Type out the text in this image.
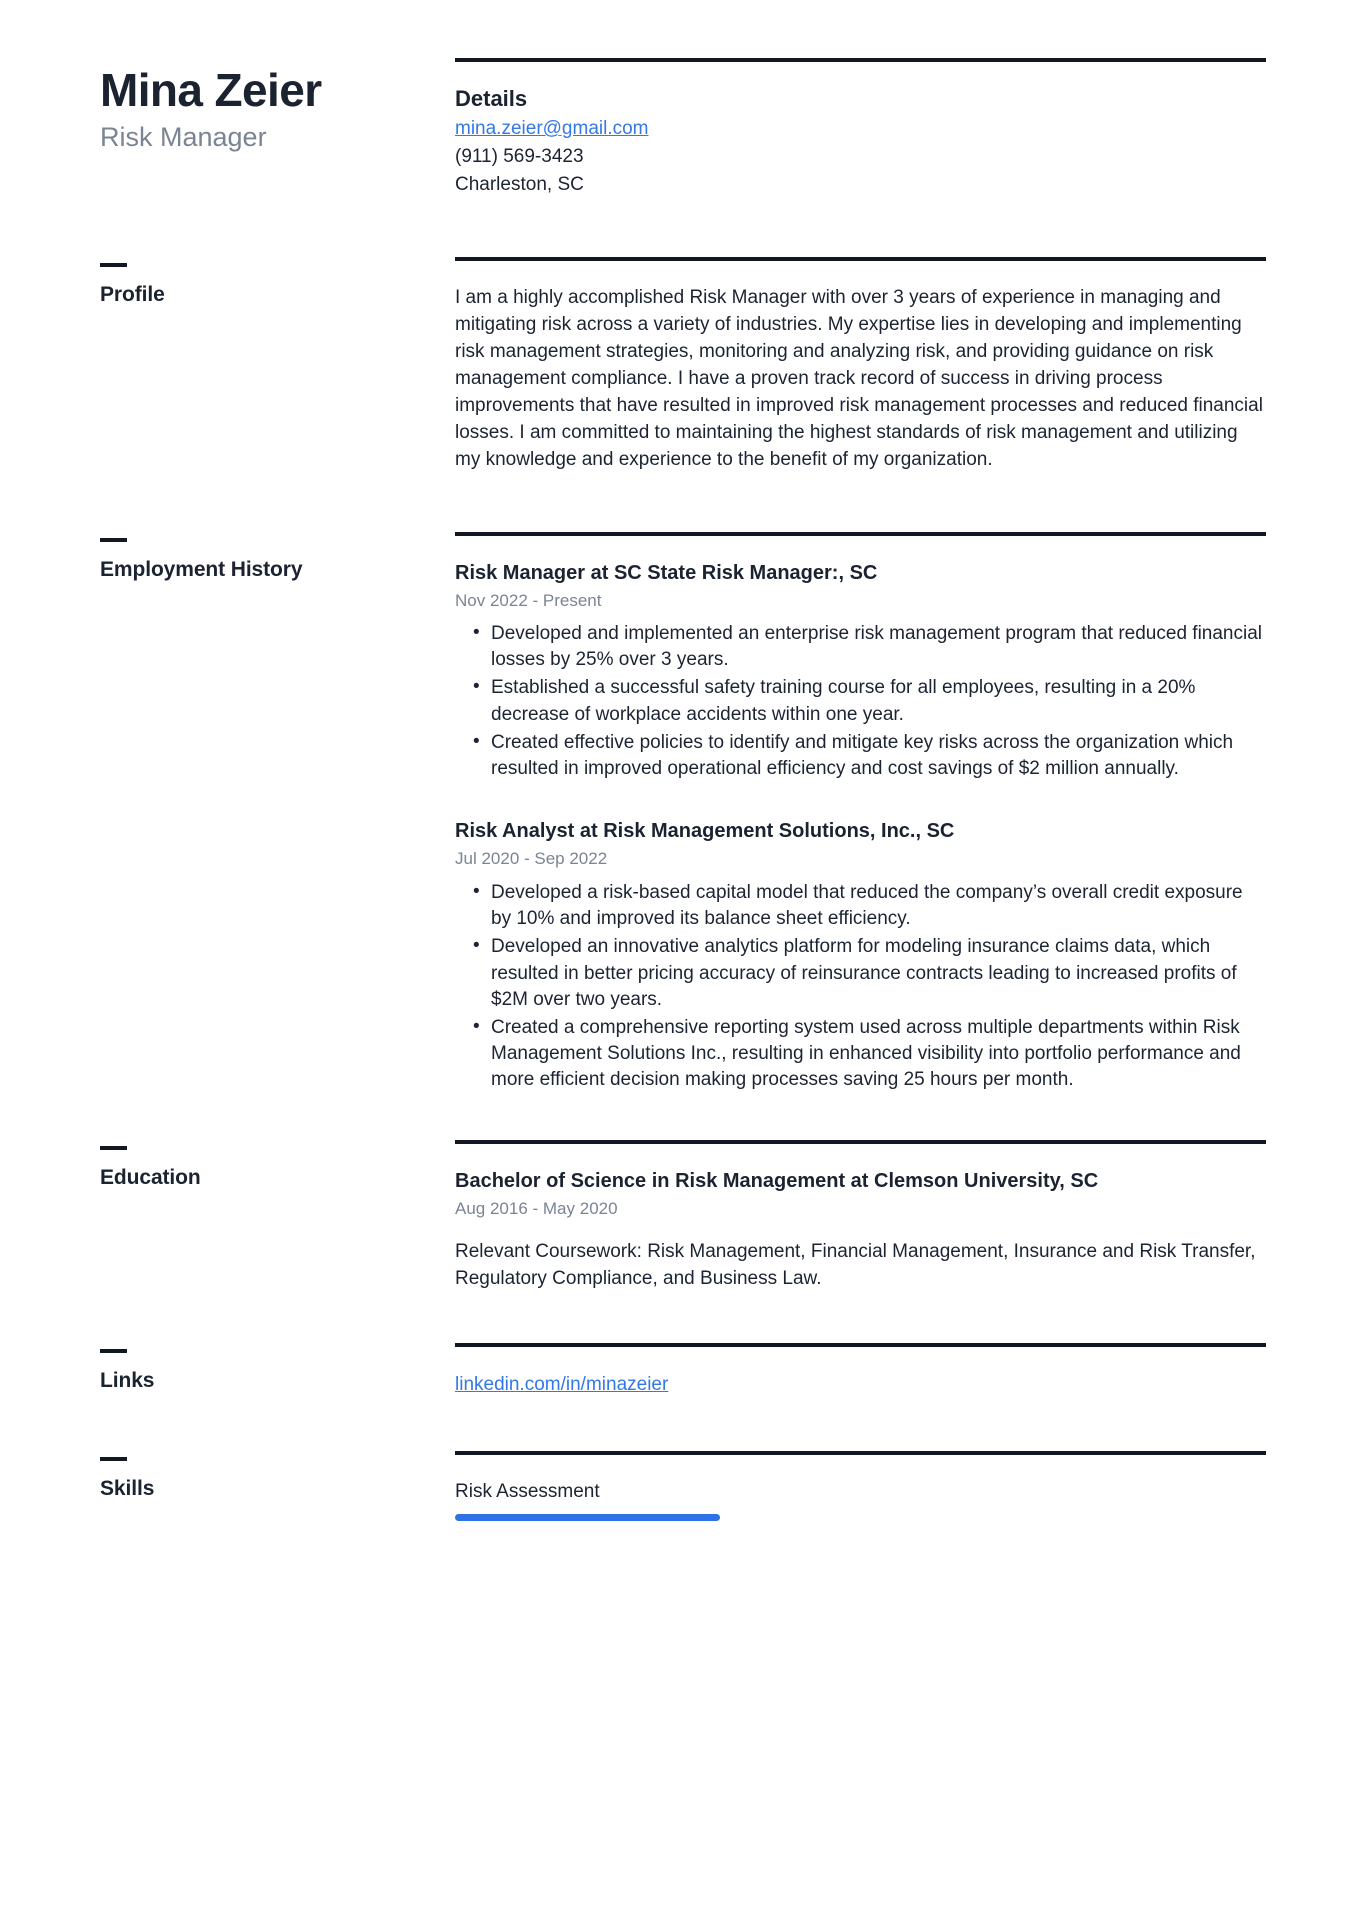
Mina Zeier
Risk Manager
Details
mina.zeier@gmail.com
(911) 569-3423
Charleston, SC
Profile	I am a highly accomplished Risk Manager with over 3 years of experience in managing and mitigating risk across a variety of industries. My expertise lies in developing and implementing risk management strategies, monitoring and analyzing risk, and providing guidance on risk management compliance. I have a proven track record of success in driving process improvements that have resulted in improved risk management processes and reduced financial losses. I am committed to maintaining the highest standards of risk management and utilizing my knowledge and experience to the benefit of my organization.

Employment History	Risk Manager at SC State Risk Manager:, SC
Nov 2022 - Present
• Developed and implemented an enterprise risk management program that reduced financial losses by 25% over 3 years.
• Established a successful safety training course for all employees, resulting in a 20% decrease of workplace accidents within one year.
• Created effective policies to identify and mitigate key risks across the organization which resulted in improved operational efficiency and cost savings of $2 million annually.
Risk Analyst at Risk Management Solutions, Inc., SC
Jul 2020 - Sep 2022
• Developed a risk-based capital model that reduced the company’s overall credit exposure by 10% and improved its balance sheet efficiency.
• Developed an innovative analytics platform for modeling insurance claims data, which resulted in better pricing accuracy of reinsurance contracts leading to increased profits of $2M over two years.
• Created a comprehensive reporting system used across multiple departments within Risk Management Solutions Inc., resulting in enhanced visibility into portfolio performance and more efficient decision making processes saving 25 hours per month.
Education	Bachelor of Science in Risk Management at Clemson University, SC
Aug 2016 - May 2020

Relevant Coursework: Risk Management, Financial Management, Insurance and Risk Transfer, Regulatory Compliance, and Business Law.

Links	linkedin.com/in/minazeier
Skills	Risk Assessment
